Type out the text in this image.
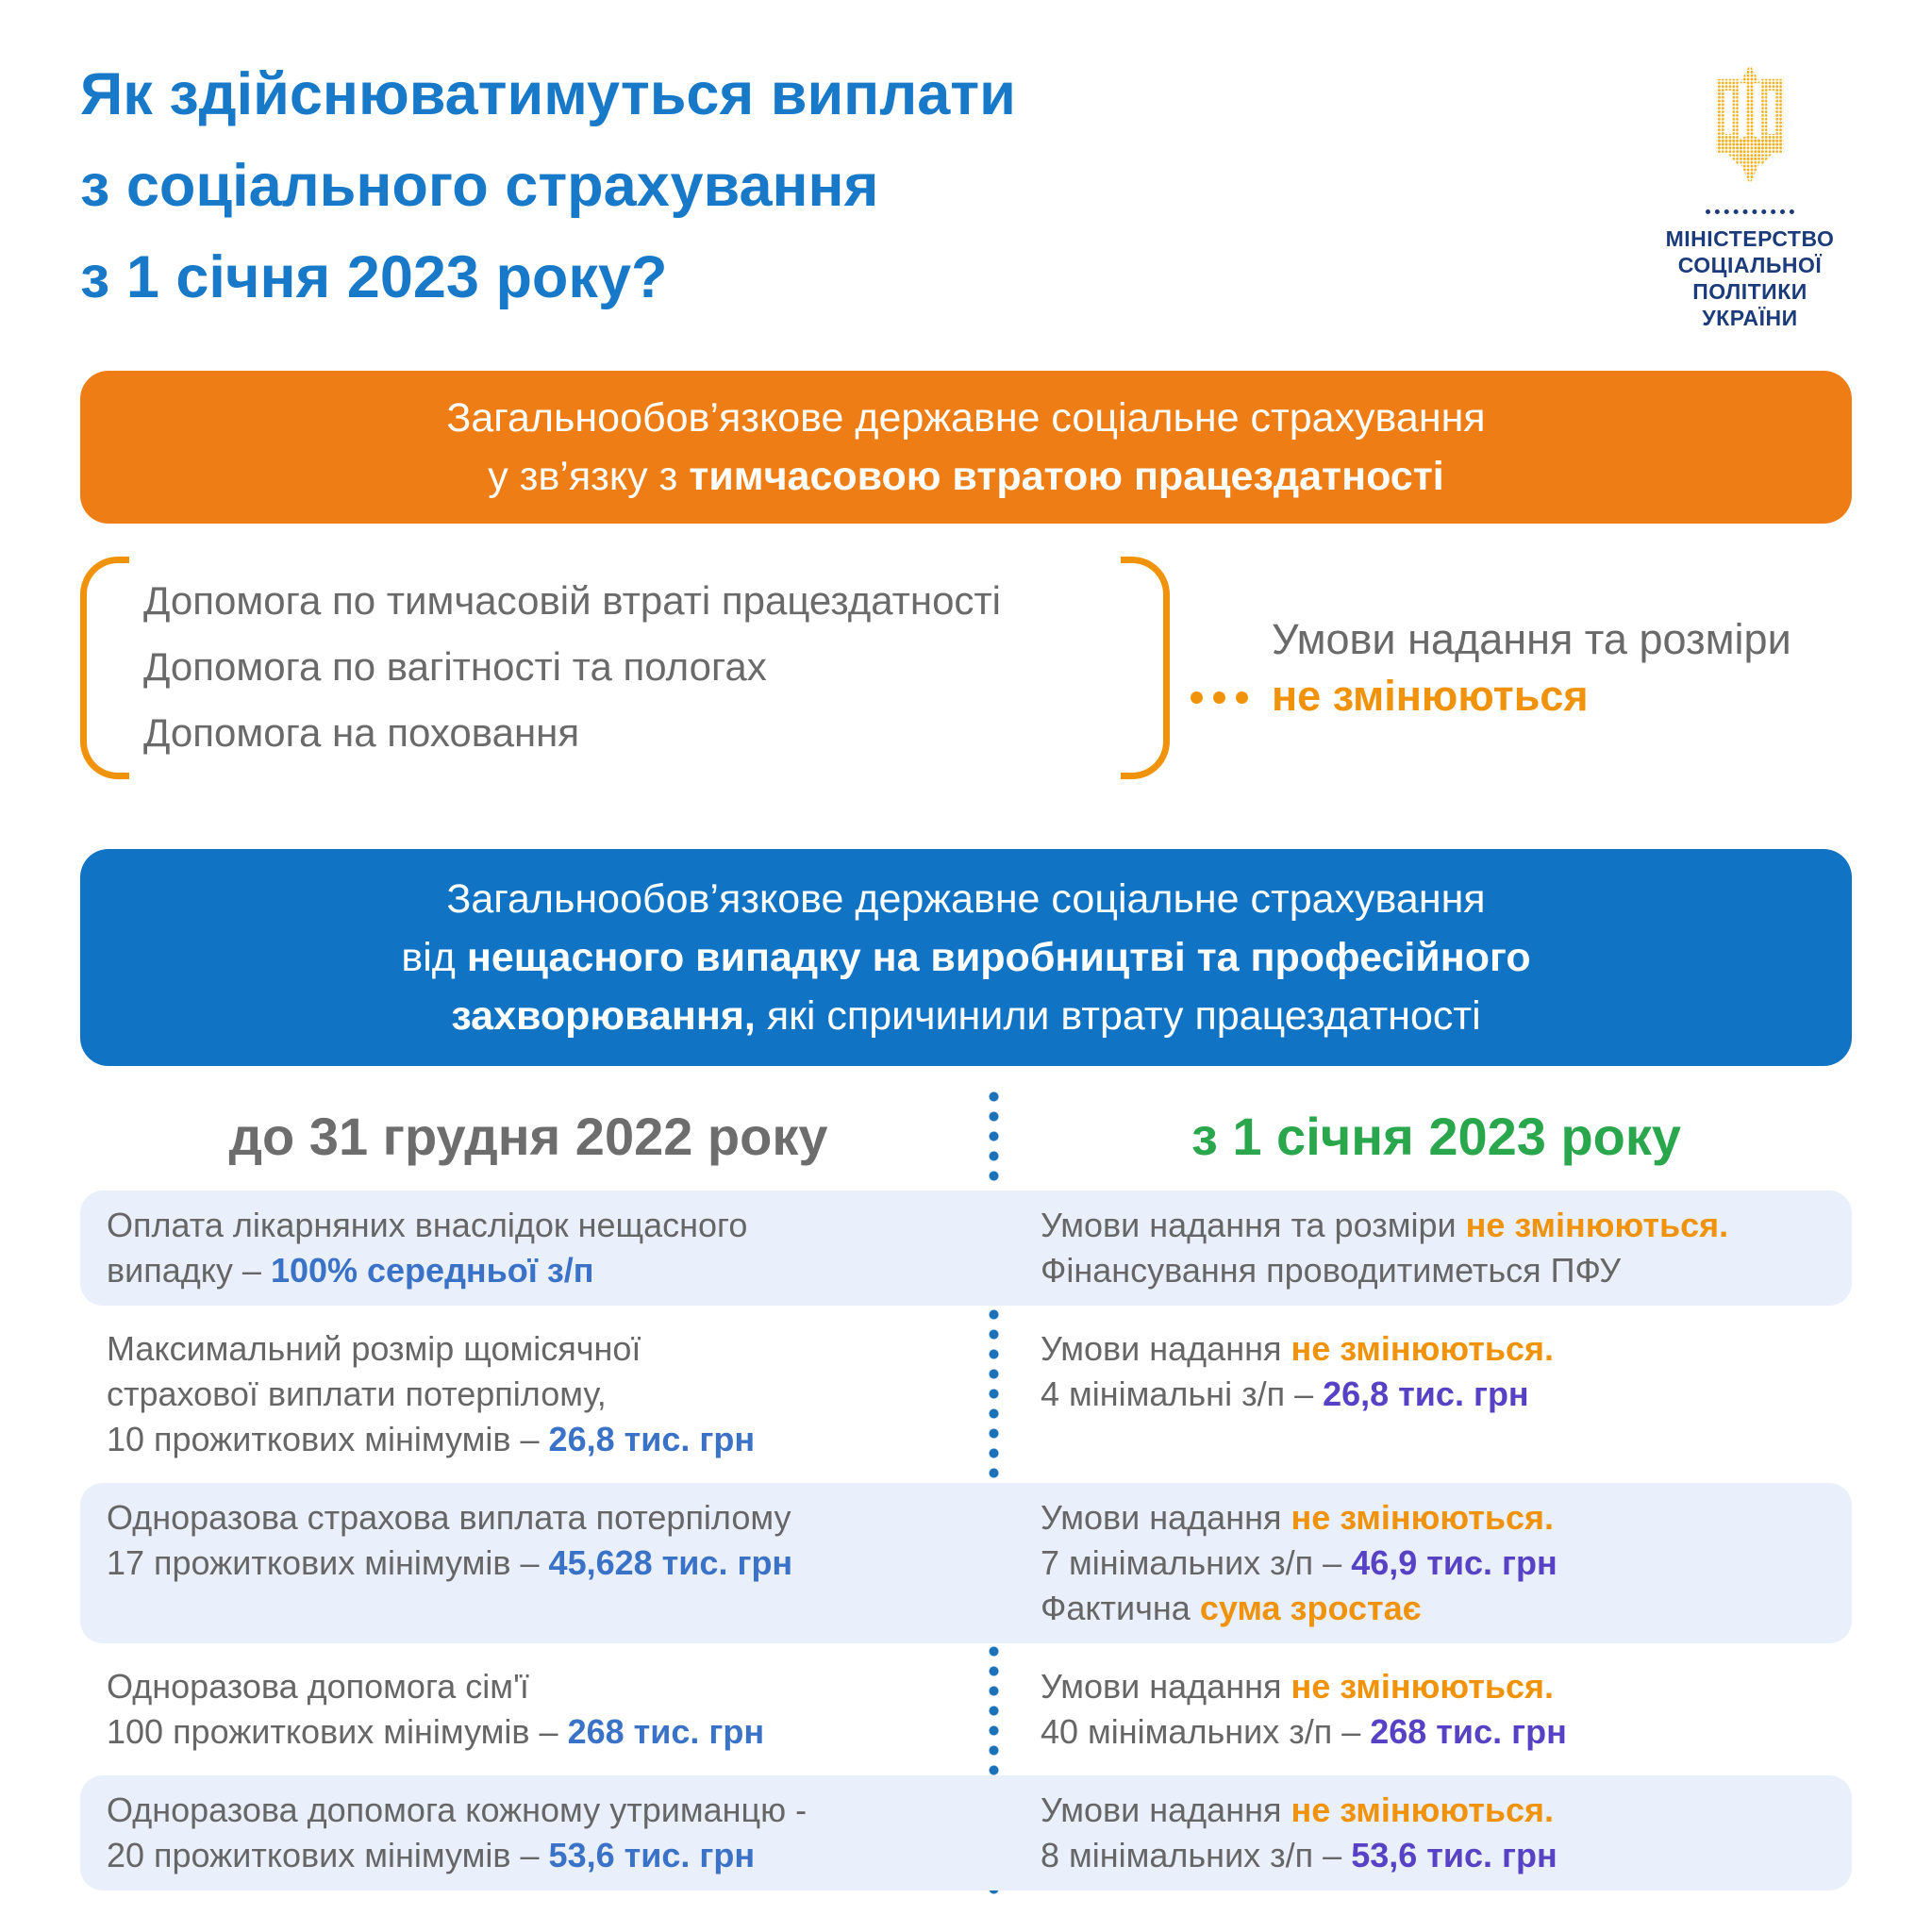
Як здійснюватимуться виплати
з соціального страхування
з 1 січня 2023 року?
МІНІСТЕРСТВО
СОЦІАЛЬНОЇ ПОЛІТИКИ
УКРАЇНИ
Загальнообов’язкове державне соціальне страхування
у зв’язку з тимчасовою втратою працездатності
Допомога по тимчасовій втраті працездатності
Допомога по вагітності та пологах
Допомога на поховання
Умови надання та розміри
не змінюються
Загальнообов’язкове державне соціальне страхування
від нещасного випадку на виробництві та професійного
захворювання, які спричинили втрату працездатності
до 31 грудня 2022 року	з 1 січня 2023 року
Оплата лікарняних внаслідок нещасного
випадку – 100% середньої з/п
Умови надання та розміри не змінюються.
Фінансування проводитиметься ПФУ
Максимальний розмір щомісячної
страхової виплати потерпілому,
10 прожиткових мінімумів – 26,8 тис. грн
Умови надання не змінюються.
4 мінімальні з/п – 26,8 тис. грн
Одноразова страхова виплата потерпілому
17 прожиткових мінімумів – 45,628 тис. грн
Умови надання не змінюються.
7 мінімальних з/п – 46,9 тис. грн
Фактична сума зростає
Одноразова допомога сім'ї
100 прожиткових мінімумів – 268 тис. грн
Умови надання не змінюються.
40 мінімальних з/п – 268 тис. грн
Одноразова допомога кожному утриманцю -
20 прожиткових мінімумів – 53,6 тис. грн
Умови надання не змінюються.
8 мінімальних з/п – 53,6 тис. грн
